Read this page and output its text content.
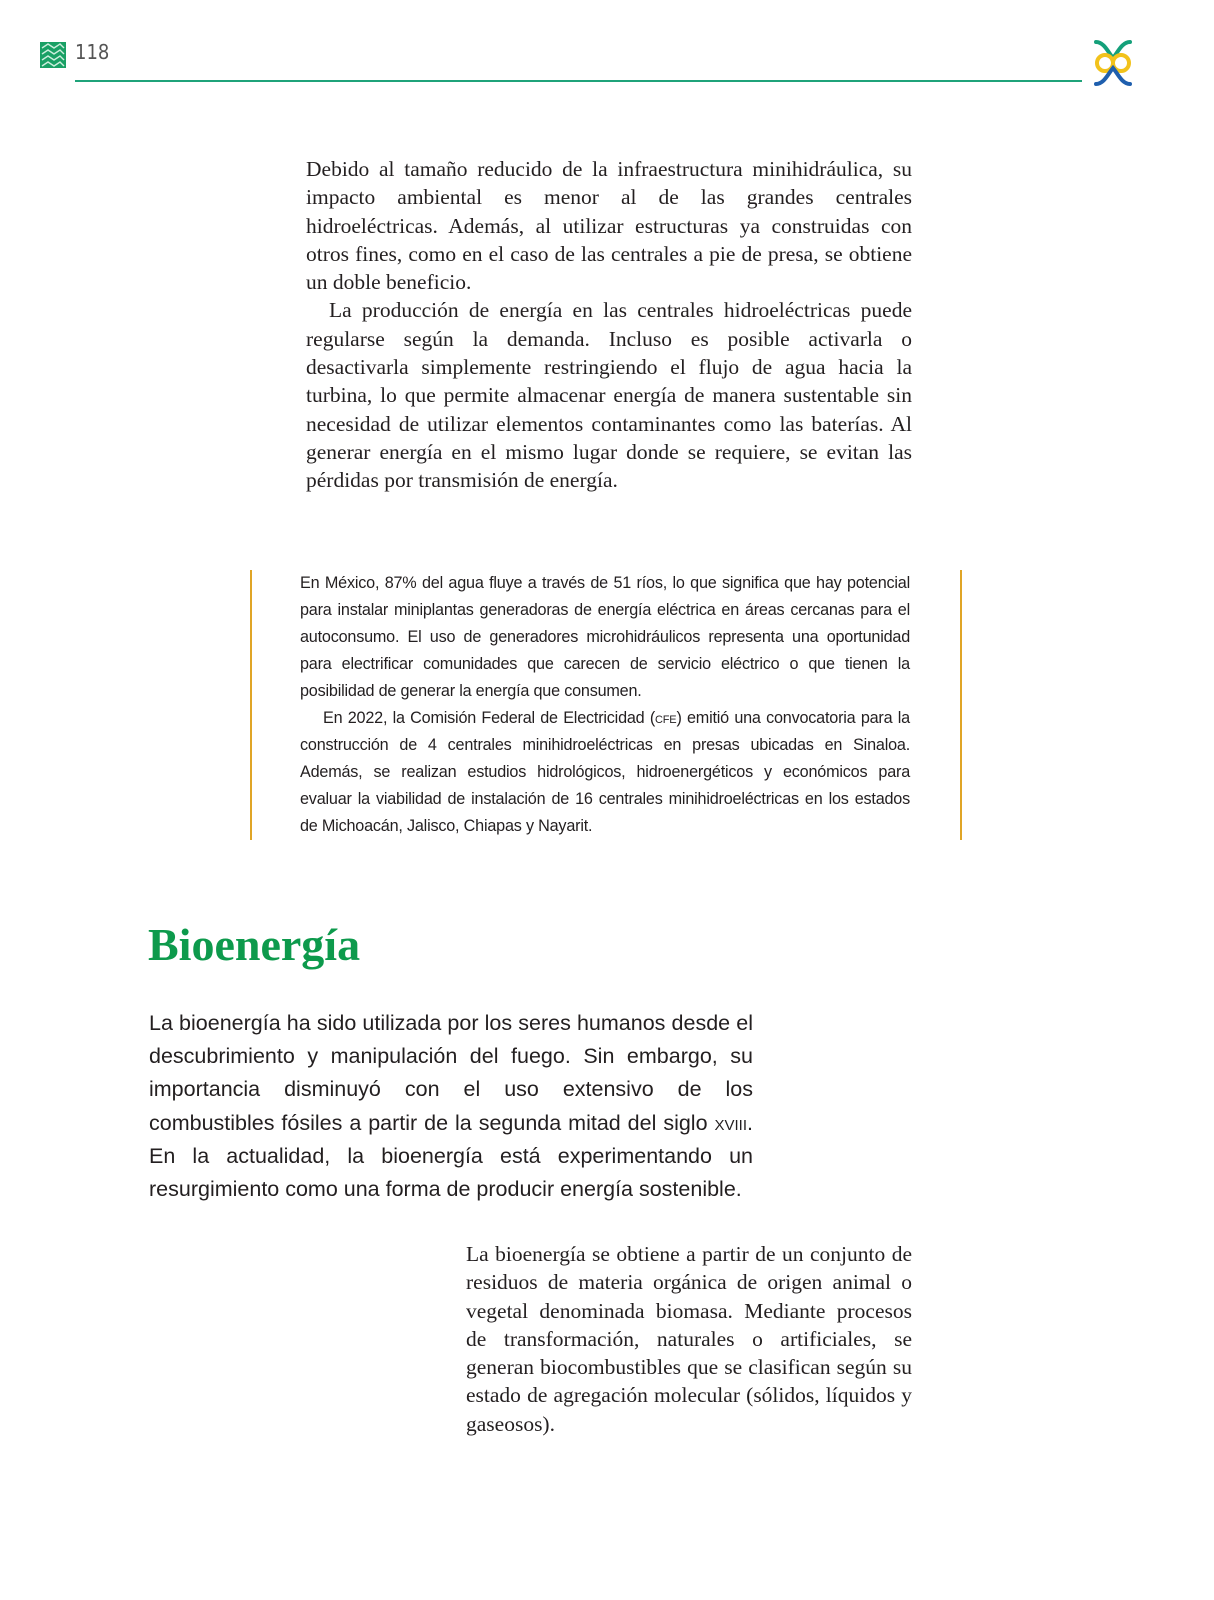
118

Debido al tamaño reducido de la infraestructura minihidráulica, su impacto ambiental es menor al de las grandes centrales hidroeléctricas. Además, al utilizar estructuras ya construidas con otros fines, como en el caso de las centrales a pie de presa, se obtiene un doble beneficio.

La producción de energía en las centrales hidroeléctricas puede regularse según la demanda. Incluso es posible activarla o desactivarla simplemente restringiendo el flujo de agua hacia la turbina, lo que permite almacenar energía de manera sustentable sin necesidad de utilizar elementos contaminantes como las baterías. Al generar energía en el mismo lugar donde se requiere, se evitan las pérdidas por transmisión de energía.

En México, 87% del agua fluye a través de 51 ríos, lo que significa que hay potencial para instalar miniplantas generadoras de energía eléctrica en áreas cercanas para el autoconsumo. El uso de generadores microhidráulicos representa una oportunidad para electrificar comunidades que carecen de servicio eléctrico o que tienen la posibilidad de generar la energía que consumen.

En 2022, la Comisión Federal de Electricidad (cfe) emitió una convocatoria para la construcción de 4 centrales minihidroeléctricas en presas ubicadas en Sinaloa. Además, se realizan estudios hidrológicos, hidroenergéticos y económicos para evaluar la viabilidad de instalación de 16 centrales minihidroeléctricas en los estados de Michoacán, Jalisco, Chiapas y Nayarit.

Bioenergía

La bioenergía ha sido utilizada por los seres humanos desde el descubrimiento y manipulación del fuego. Sin embargo, su importancia disminuyó con el uso extensivo de los combustibles fósiles a partir de la segunda mitad del siglo xviii. En la actualidad, la bioenergía está experimentando un resurgimiento como una forma de producir energía sostenible.

La bioenergía se obtiene a partir de un conjunto de residuos de materia orgánica de origen animal o vegetal denominada biomasa. Mediante procesos de transformación, naturales o artificiales, se generan biocombustibles que se clasifican según su estado de agregación molecular (sólidos, líquidos y gaseosos).
